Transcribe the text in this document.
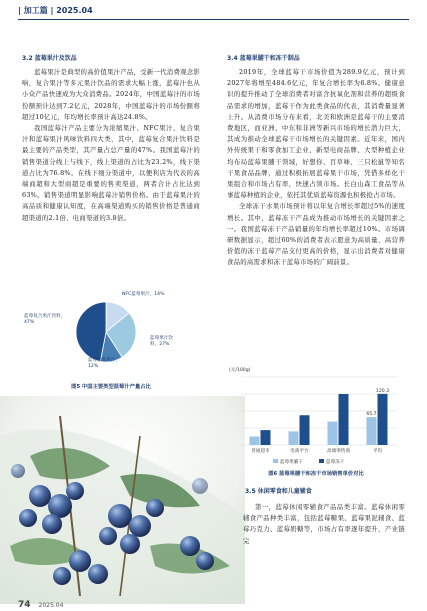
| 加工篇 | 2025.04
3.2 蓝莓果汁及饮品

蓝莓果汁是典型的高价值果汁产品，受新一代消费观念影响，复合果汁等多元果汁饮品的需求大幅上涨，蓝莓汁也从小众产品快速成为大众消费品。2024年，中国蓝莓汁的市场份额预计达到7.2亿元，2028年，中国蓝莓汁的市场份额将超过10亿元，年均增长率预计高达24.8%。

我国蓝莓汁产品主要分为浓缩果汁、NFC果汁、复合果汁和蓝莓果汁风味饮料四大类，其中，蓝莓复合果汁饮料是最主要的产品类型，其产量占总产量的47%。我国蓝莓汁的销售渠道分线上与线下，线上渠道的占比为23.2%，线下渠道占比为76.8%。在线下细分渠道中，以便利店为代表的高端商超和大型商超是重要的售卖渠道，两者合计占比达到63%。销售渠道明显影响蓝莓汁销售价格。由于蓝莓果汁的高品质和健康认知度，在高端渠道购买的销售价格是普通商超渠道的2.1倍、电商渠道的3.8倍。

NFC蓝莓果汁，14%
蓝莓复合果汁饮料，47%
蓝莓果汁饮料，27%
蓝莓浓缩果汁，12%
图5 中国主要类型蓝莓汁产量占比
3.4 蓝莓果脯干和冻干制品

2019年，全球蓝莓干市场价值为289.9亿元，预计到2027年将增至484.6亿元，年复合增长率为6.8%。健康意识的提升推动了全球消费者对富含抗氧化剂和营养的超级食品需求的增加，蓝莓干作为此类食品的代表，其消费量显著上升。从消费市场分布来看，北美和欧洲是蓝莓干的主要消费地区，而亚洲、中东和非洲等新兴市场的增长潜力巨大，其成为推动全球蓝莓干市场增长的关键因素。近年来，国内外传统果干和零食加工企业、新型电商品牌、大型种植企业均布局蓝莓果脯干领域，好想你、百草味、三只松鼠等知名干果食品品牌，通过积极拓展蓝莓果干市场，凭借多样化干果组合和市场占有率，快速占领市场。长白山森工食品等从事蓝莓种植的企业，依托其优质蓝莓资源也积极抢占市场。

全球冻干水果市场预计将以年复合增长率超过5%的速度增长。其中，蓝莓冻干产品成为推动市场增长的关键因素之一。我国蓝莓冻干产品销量的年均增长率超过10%。市场调研数据显示，超过60%的消费者表示愿意为高质量、高营养价值的冻干蓝莓产品支付更高的价格，显示出消费者对健康食品的高需求和冻干蓝莓市场的广阔前景。

(元/100g)
普通超市	电商平台	高端零售商
65.7
120.3
平均
蓝莓果脯干	蓝莓冻干
图6 蓝莓果脯干和冻干市场销售单价对比
3.5 休闲零食和儿童辅食

第一，蓝莓休闲零辅食产品品类丰富。蓝莓休闲零辅食产品种类丰富，包括蓝莓糖果、蓝莓果泥辅食、蓝莓巧克力、蓝莓奶糖等，市场占有率逐年提升，产业链完

74 2025.04
